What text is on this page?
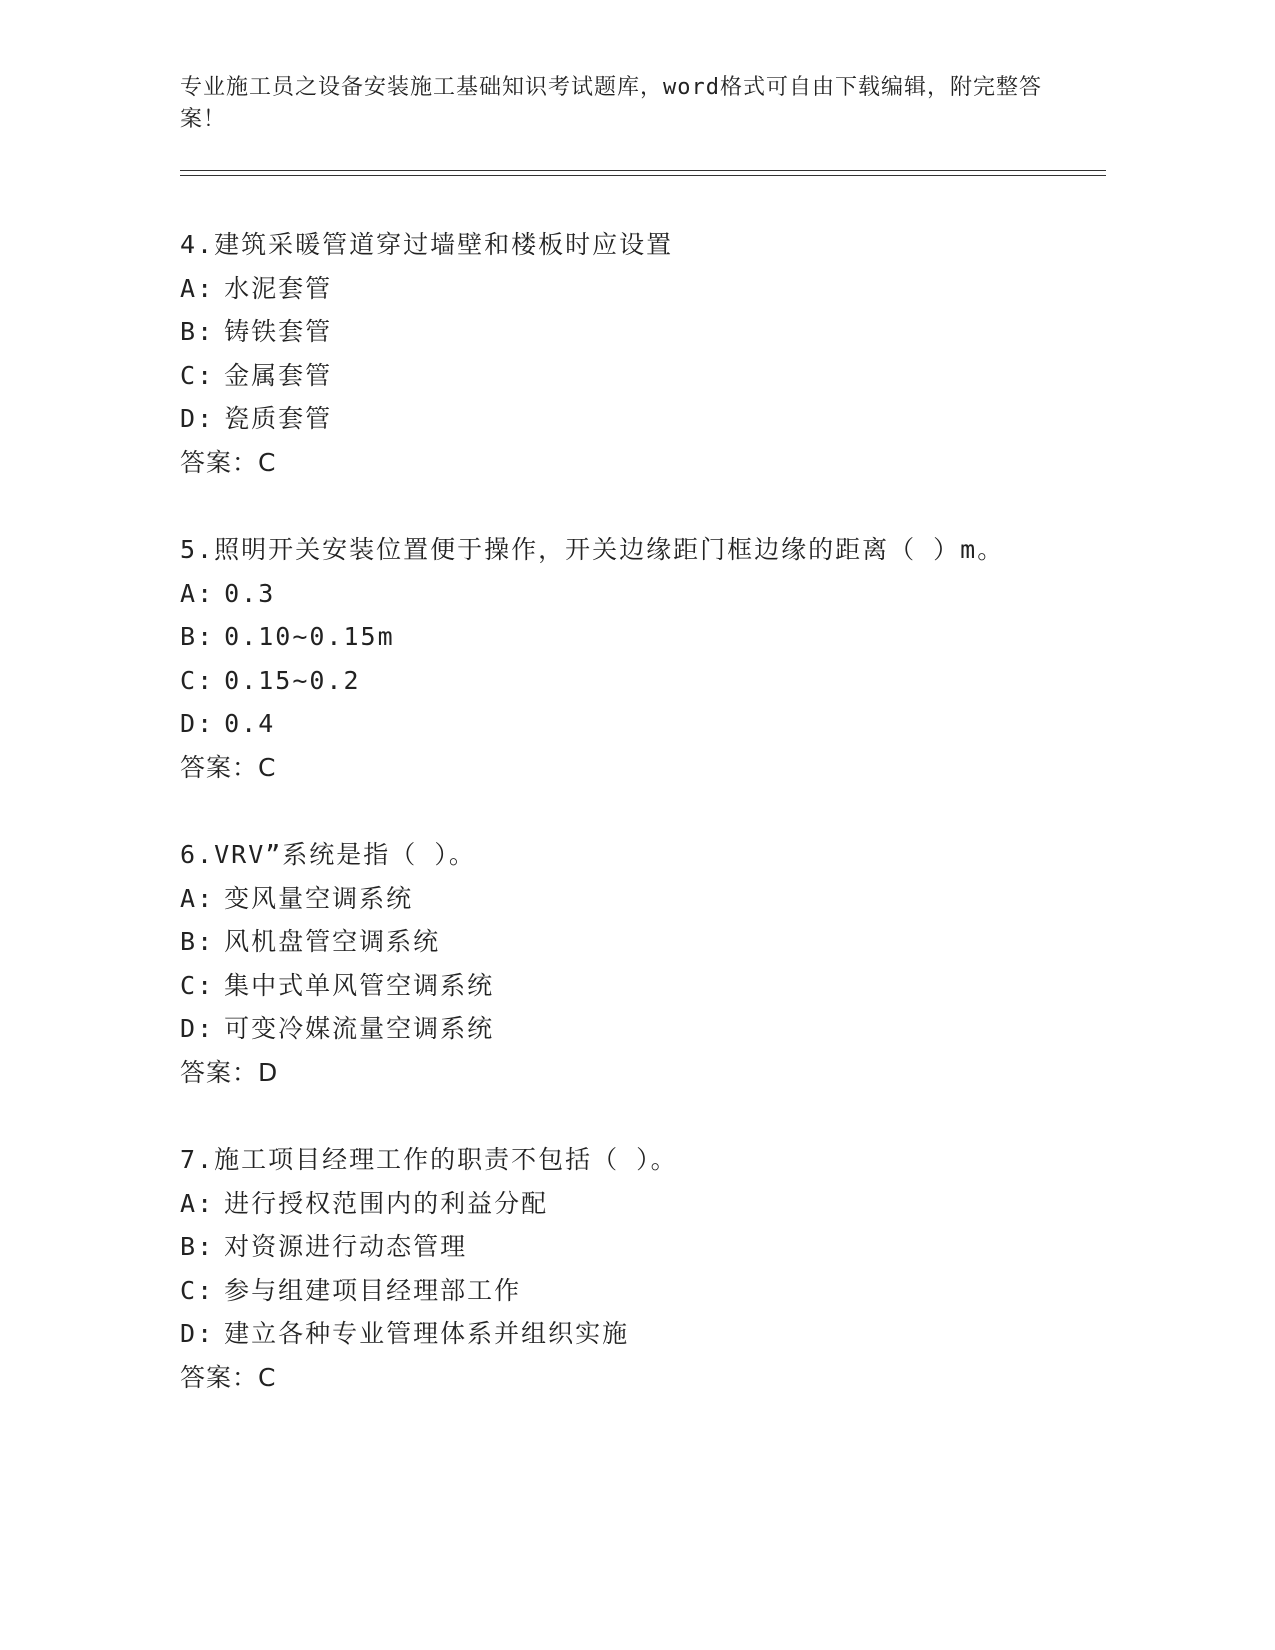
专业施工员之设备安装施工基础知识考试题库，word格式可自由下载编辑，附完整答案！
4.建筑采暖管道穿过墙壁和楼板时应设置
A: 水泥套管
B: 铸铁套管
C: 金属套管
D: 瓷质套管
答案：C
5.照明开关安装位置便于操作，开关边缘距门框边缘的距离（ ）m。
A: 0.3
B: 0.10~0.15m
C: 0.15~0.2
D: 0.4
答案：C
6.VRV”系统是指（ ）。
A: 变风量空调系统
B: 风机盘管空调系统
C: 集中式单风管空调系统
D: 可变冷媒流量空调系统
答案：D
7.施工项目经理工作的职责不包括（ ）。
A: 进行授权范围内的利益分配
B: 对资源进行动态管理
C: 参与组建项目经理部工作
D: 建立各种专业管理体系并组织实施
答案：C
